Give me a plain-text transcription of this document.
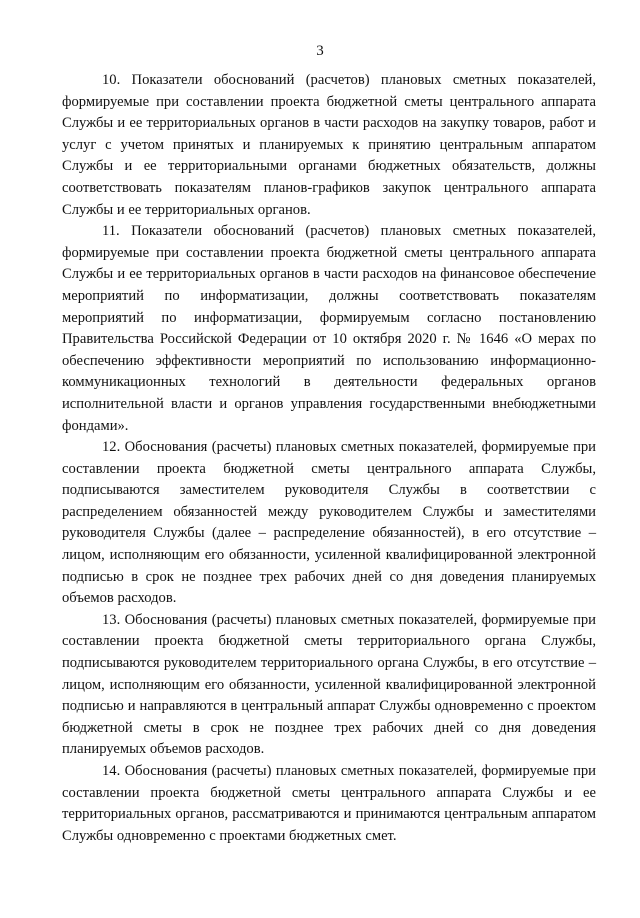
3

10. Показатели обоснований (расчетов) плановых сметных показателей, формируемые при составлении проекта бюджетной сметы центрального аппарата Службы и ее территориальных органов в части расходов на закупку товаров, работ и услуг с учетом принятых и планируемых к принятию центральным аппаратом Службы и ее территориальными органами бюджетных обязательств, должны соответствовать показателям планов-графиков закупок центрального аппарата Службы и ее территориальных органов.

11. Показатели обоснований (расчетов) плановых сметных показателей, формируемые при составлении проекта бюджетной сметы центрального аппарата Службы и ее территориальных органов в части расходов на финансовое обеспечение мероприятий по информатизации, должны соответствовать показателям мероприятий по информатизации, формируемым согласно постановлению Правительства Российской Федерации от 10 октября 2020 г. № 1646 «О мерах по обеспечению эффективности мероприятий по использованию информационно-коммуникационных технологий в деятельности федеральных органов исполнительной власти и органов управления государственными внебюджетными фондами».

12. Обоснования (расчеты) плановых сметных показателей, формируемые при составлении проекта бюджетной сметы центрального аппарата Службы, подписываются заместителем руководителя Службы в соответствии с распределением обязанностей между руководителем Службы и заместителями руководителя Службы (далее – распределение обязанностей), в его отсутствие – лицом, исполняющим его обязанности, усиленной квалифицированной электронной подписью в срок не позднее трех рабочих дней со дня доведения планируемых объемов расходов.

13. Обоснования (расчеты) плановых сметных показателей, формируемые при составлении проекта бюджетной сметы территориального органа Службы, подписываются руководителем территориального органа Службы, в его отсутствие – лицом, исполняющим его обязанности, усиленной квалифицированной электронной подписью и направляются в центральный аппарат Службы одновременно с проектом бюджетной сметы в срок не позднее трех рабочих дней со дня доведения планируемых объемов расходов.

14. Обоснования (расчеты) плановых сметных показателей, формируемые при составлении проекта бюджетной сметы центрального аппарата Службы и ее территориальных органов, рассматриваются и принимаются центральным аппаратом Службы одновременно с проектами бюджетных смет.
